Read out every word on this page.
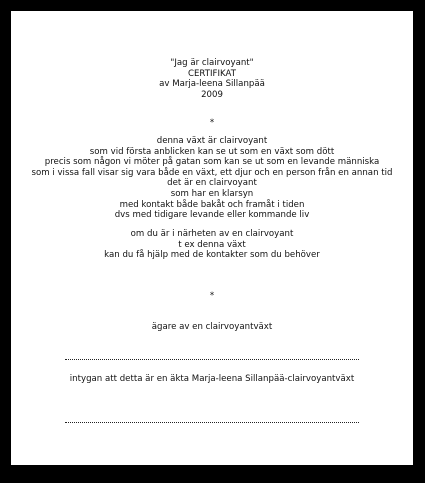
"Jag är clairvoyant"
CERTIFIKAT
av Marja-leena Sillanpää
2009
*
denna växt är clairvoyant
som vid första anblicken kan se ut som en växt som dött
precis som någon vi möter på gatan som kan se ut som en levande människa
som i vissa fall visar sig vara både en växt, ett djur och en person från en annan tid
det är en clairvoyant
som har en klarsyn
med kontakt både bakåt och framåt i tiden
dvs med tidigare levande eller kommande liv
om du är i närheten av en clairvoyant
t ex denna växt
kan du få hjälp med de kontakter som du behöver
*
ägare av en clairvoyantväxt
intygan att detta är en äkta Marja-leena Sillanpää-clairvoyantväxt
